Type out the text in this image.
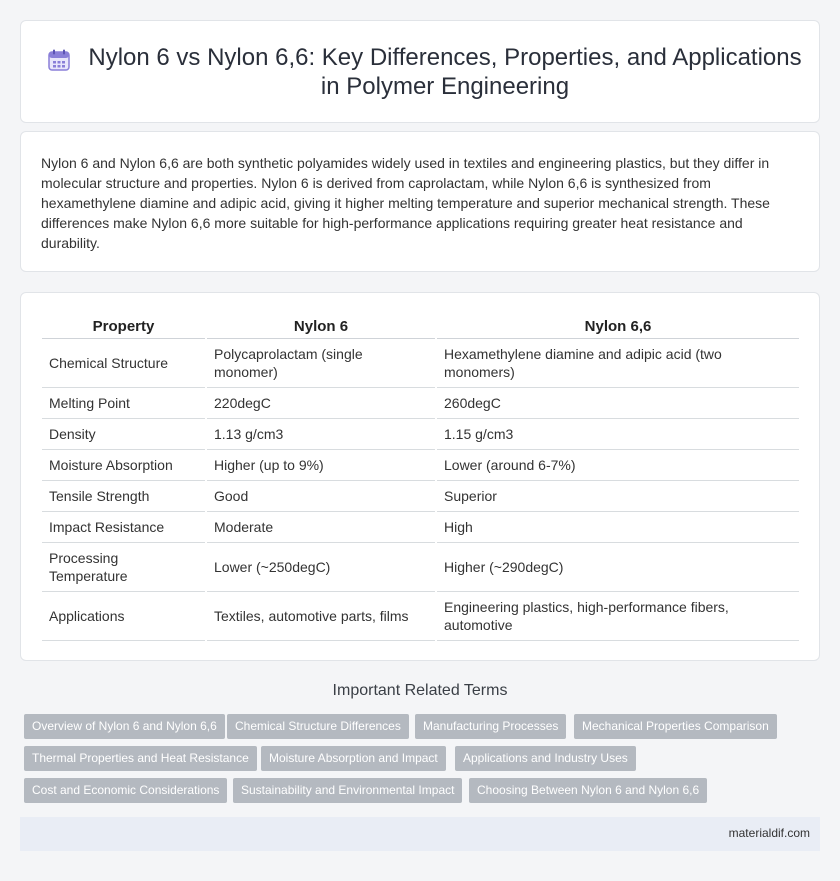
Nylon 6 vs Nylon 6,6: Key Differences, Properties, and Applications in Polymer Engineering

Nylon 6 and Nylon 6,6 are both synthetic polyamides widely used in textiles and engineering plastics, but they differ in molecular structure and properties. Nylon 6 is derived from caprolactam, while Nylon 6,6 is synthesized from hexamethylene diamine and adipic acid, giving it higher melting temperature and superior mechanical strength. These differences make Nylon 6,6 more suitable for high-performance applications requiring greater heat resistance and durability.

Property	Nylon 6	Nylon 6,6
Chemical Structure	Polycaprolactam (single monomer)	Hexamethylene diamine and adipic acid (two monomers)
Melting Point	220degC	260degC
Density	1.13 g/cm3	1.15 g/cm3
Moisture Absorption	Higher (up to 9%)	Lower (around 6-7%)
Tensile Strength	Good	Superior
Impact Resistance	Moderate	High
Processing Temperature	Lower (~250degC)	Higher (~290degC)
Applications	Textiles, automotive parts, films	Engineering plastics, high-performance fibers, automotive
Important Related Terms
Overview of Nylon 6 and Nylon 6,6	Chemical Structure Differences	Manufacturing Processes	Mechanical Properties Comparison
Thermal Properties and Heat Resistance	Moisture Absorption and Impact	Applications and Industry Uses
Cost and Economic Considerations	Sustainability and Environmental Impact	Choosing Between Nylon 6 and Nylon 6,6
materialdif.com
